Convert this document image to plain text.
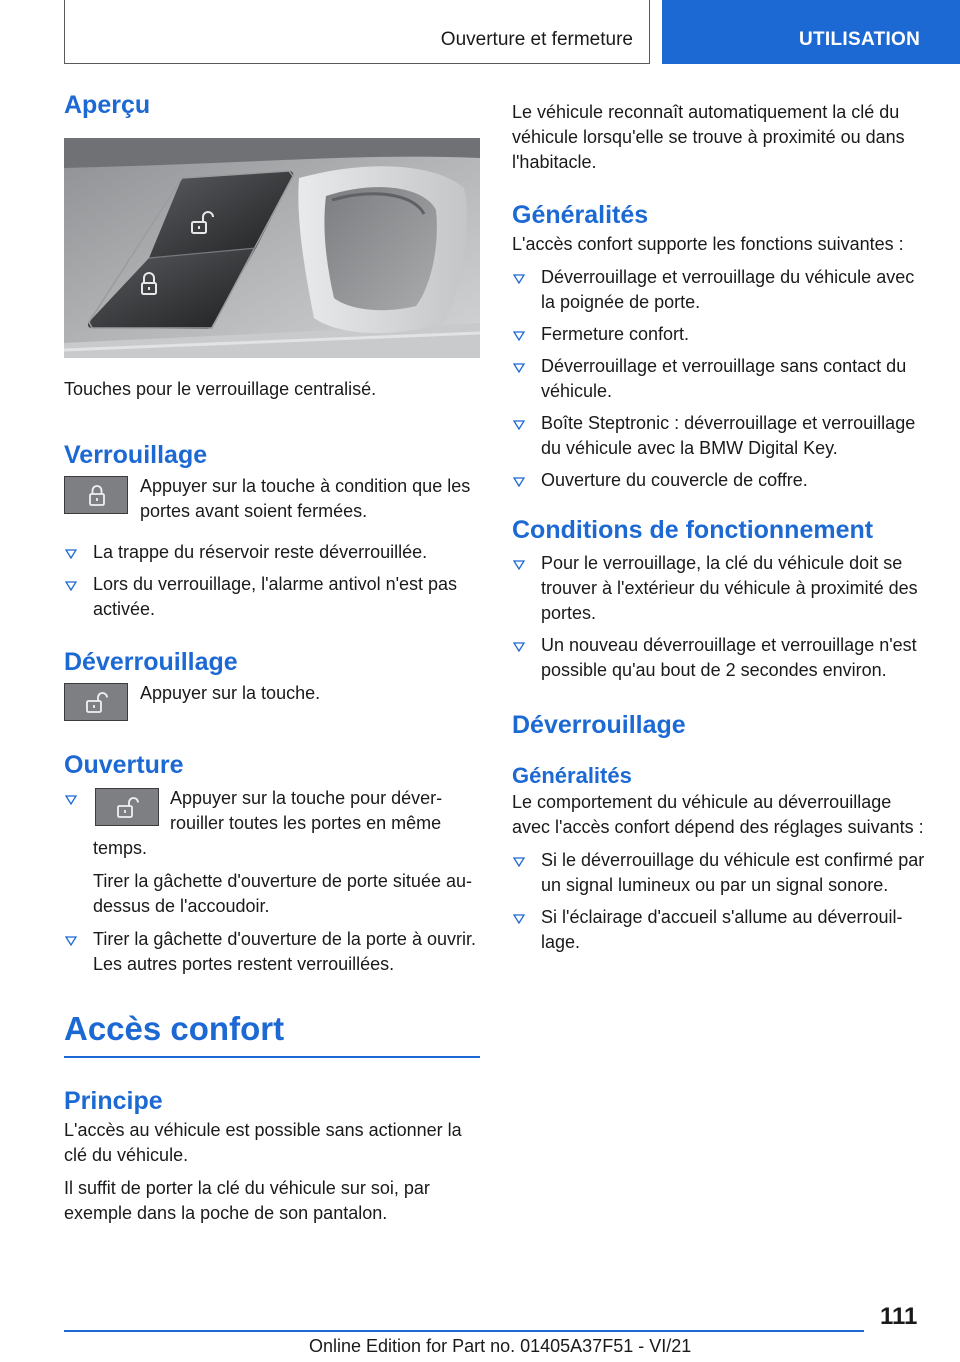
Ouverture et fermeture	UTILISATION
Aperçu

Touches pour le verrouillage centralisé.

Verrouillage

Appuyer sur la touche à condition que les portes avant soient fermées.

La trappe du réservoir reste déverrouillée.
Lors du verrouillage, l'alarme antivol n'est pas activée.
Déverrouillage

Appuyer sur la touche.

Ouverture

Appuyer sur la touche pour déverrouiller toutes les portes en même

temps.

Tirer la gâchette d'ouverture de porte située au-dessus de l'accoudoir.

Tirer la gâchette d'ouverture de la porte à ouvrir. Les autres portes restent verrouillées.
Accès confort
Principe

L'accès au véhicule est possible sans actionner la clé du véhicule.

Il suffit de porter la clé du véhicule sur soi, par exemple dans la poche de son pantalon.

Le véhicule reconnaît automatiquement la clé du véhicule lorsqu'elle se trouve à proximité ou dans l'habitacle.

Généralités

L'accès confort supporte les fonctions suivantes :

Déverrouillage et verrouillage du véhicule avec la poignée de porte.
Fermeture confort.
Déverrouillage et verrouillage sans contact du véhicule.
Boîte Steptronic : déverrouillage et verrouillage du véhicule avec la BMW Digital Key.
Ouverture du couvercle de coffre.
Conditions de fonctionnement
Pour le verrouillage, la clé du véhicule doit se trouver à l'extérieur du véhicule à proximité des portes.
Un nouveau déverrouillage et verrouillage n'est possible qu'au bout de 2 secondes environ.
Déverrouillage
Généralités

Le comportement du véhicule au déverrouillage avec l'accès confort dépend des réglages suivants :

Si le déverrouillage du véhicule est confirmé par un signal lumineux ou par un signal sonore.
Si l'éclairage d'accueil s'allume au déverrouillage.
111
Online Edition for Part no. 01405A37F51 - VI/21
